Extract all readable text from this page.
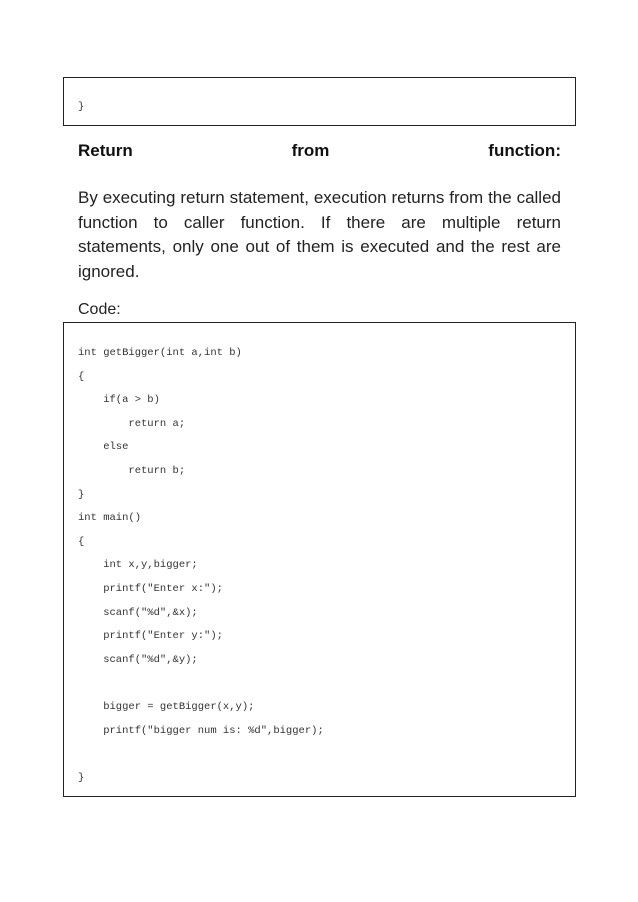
}
Return	from	function:

By executing return statement, execution returns from the called function to caller function. If there are multiple return statements, only one out of them is executed and the rest are ignored.

Code:
int getBigger(int a,int b)
{
if(a > b)
return a;
else
return b;
}
int main()
{
int x,y,bigger;
printf("Enter x:");
scanf("%d",&x);
printf("Enter y:");
scanf("%d",&y);
bigger = getBigger(x,y);
printf("bigger num is: %d",bigger);
}
